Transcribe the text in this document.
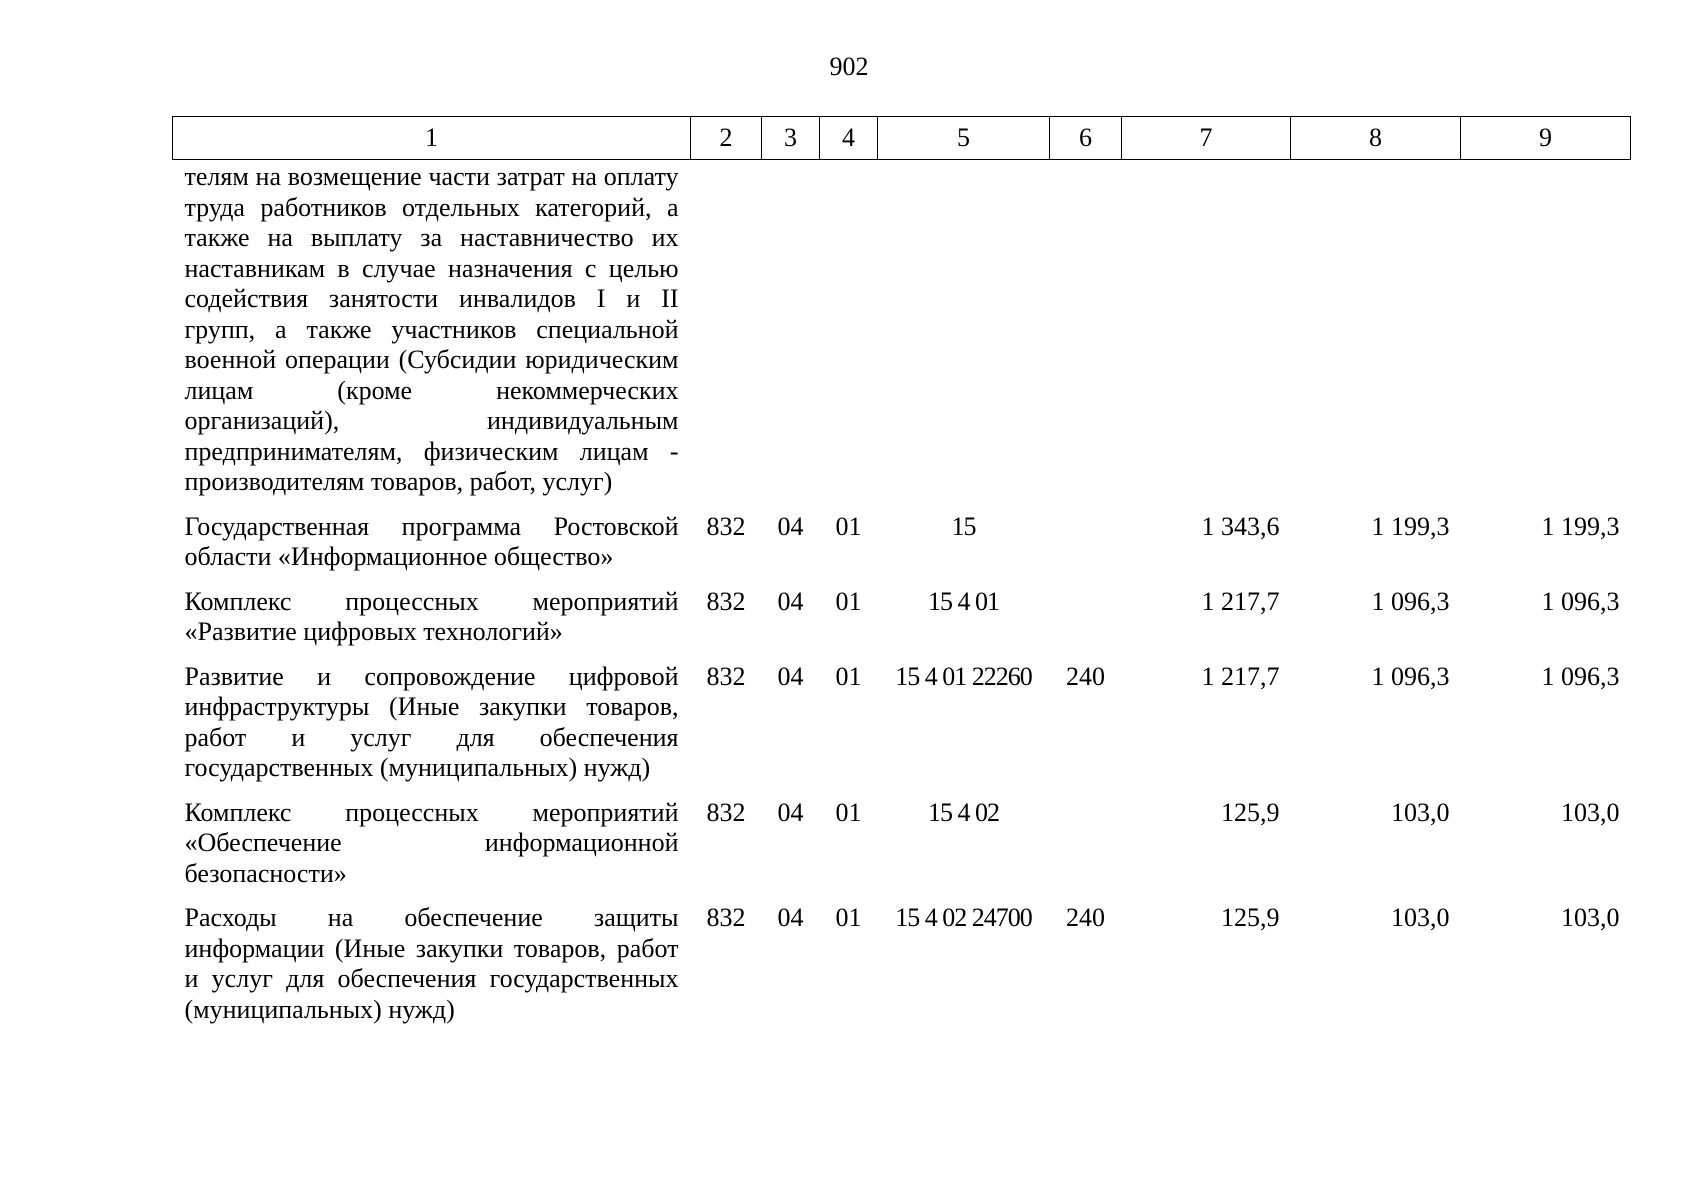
902
1	2	3	4	5	6	7	8	9
телям на возмещение части затрат на оплату труда работников отдельных категорий, а также на выплату за наставничество их наставникам в случае назначения с целью содействия занятости инвалидов I и II групп, а также участников специальной военной операции (Субсидии юридическим лицам (кроме некоммерческих организаций), индивидуальным предпринимателям, физическим лицам - производителям товаров, работ, услуг)								
Государственная программа Ростовской области «Информационное общество»	832	04	01	15		1 343,6	1 199,3	1 199,3
Комплекс процессных мероприятий «Развитие цифровых технологий»	832	04	01	15 4 01		1 217,7	1 096,3	1 096,3
Развитие и сопровождение цифровой инфраструктуры (Иные закупки товаров, работ и услуг для обеспечения государственных (муниципальных) нужд)	832	04	01	15 4 01 22260	240	1 217,7	1 096,3	1 096,3
Комплекс процессных мероприятий «Обеспечение информационной безопасности»	832	04	01	15 4 02		125,9	103,0	103,0
Расходы на обеспечение защиты информации (Иные закупки товаров, работ и услуг для обеспечения государственных (муниципальных) нужд)	832	04	01	15 4 02 24700	240	125,9	103,0	103,0
